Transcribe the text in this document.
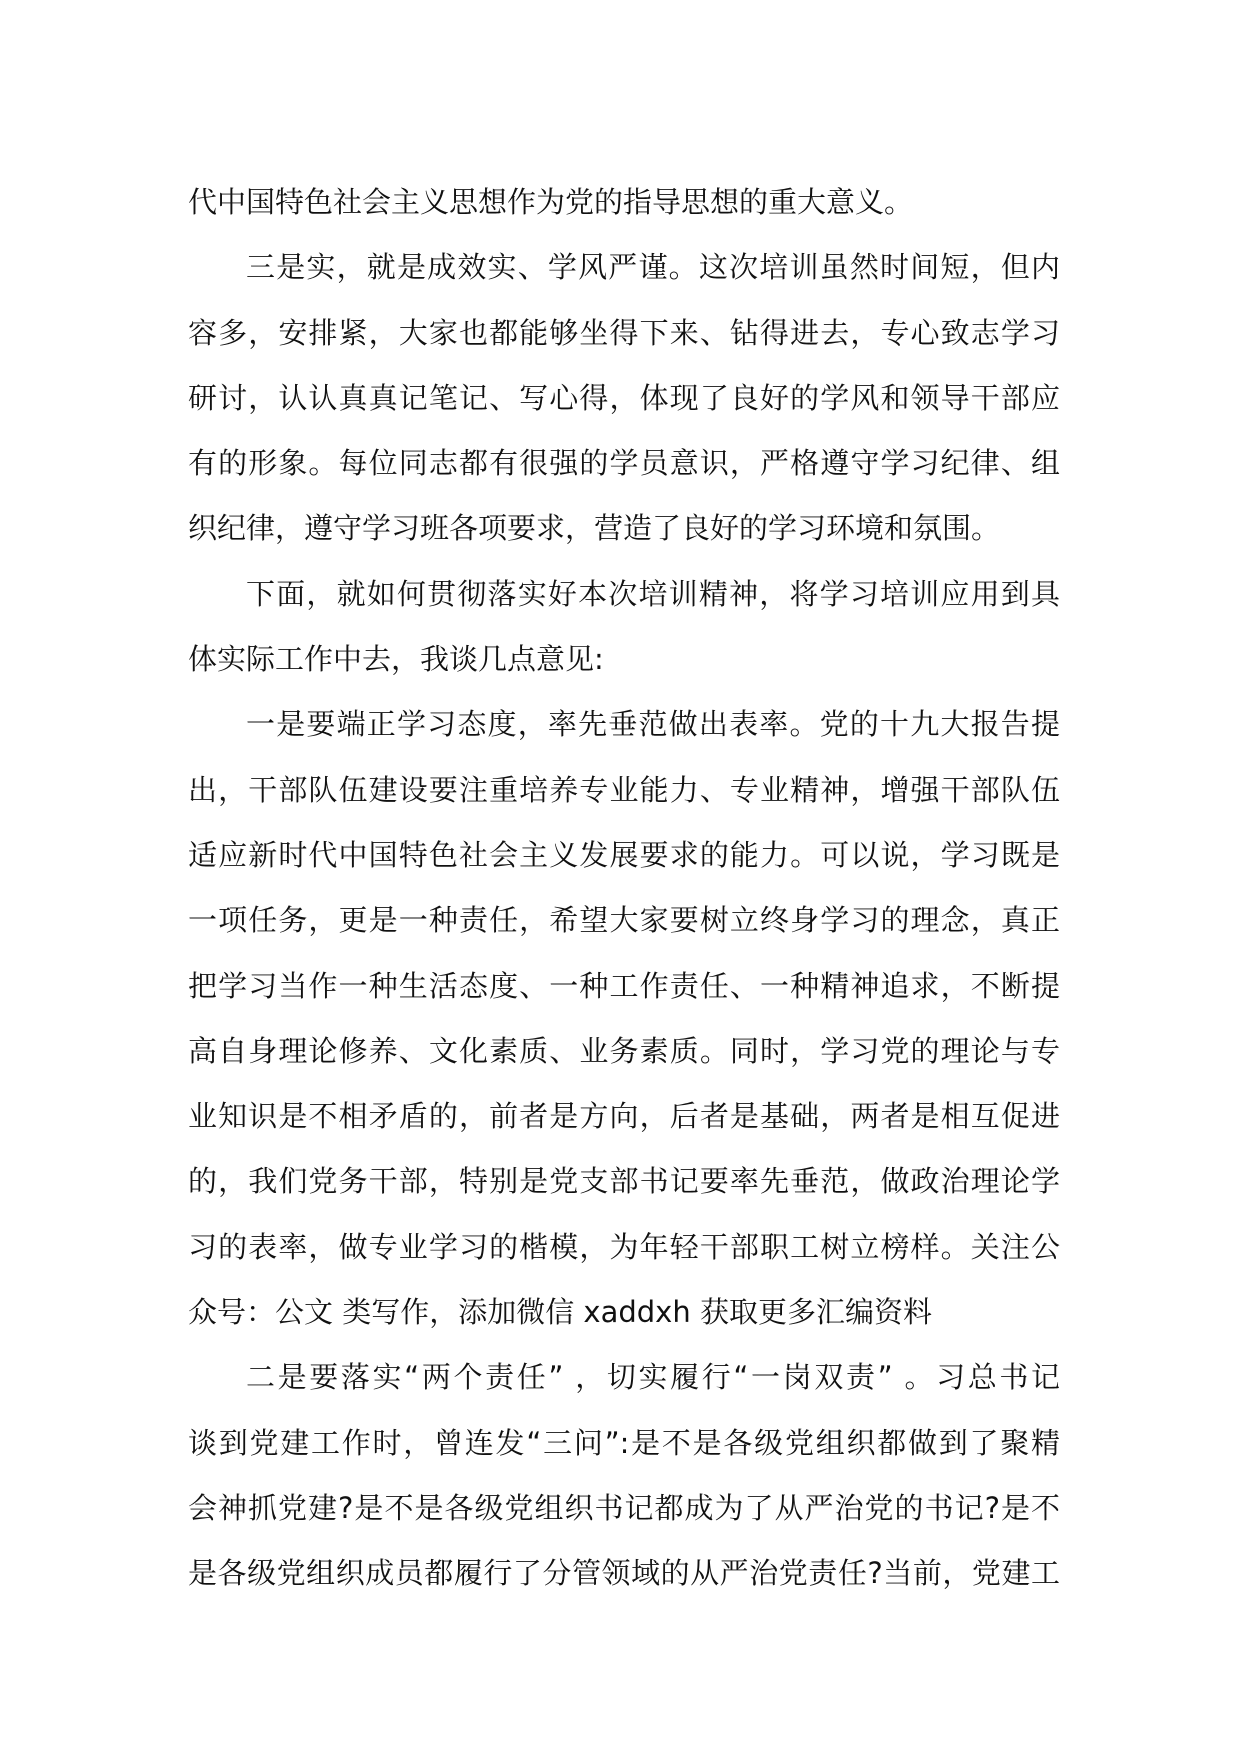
代中国特色社会主义思想作为党的指导思想的重大意义。
三是实，就是成效实、学风严谨。这次培训虽然时间短，但内
容多，安排紧，大家也都能够坐得下来、钻得进去，专心致志学习
研讨，认认真真记笔记、写心得，体现了良好的学风和领导干部应
有的形象。每位同志都有很强的学员意识，严格遵守学习纪律、组
织纪律，遵守学习班各项要求，营造了良好的学习环境和氛围。
下面，就如何贯彻落实好本次培训精神，将学习培训应用到具
体实际工作中去，我谈几点意见:
一是要端正学习态度，率先垂范做出表率。党的十九大报告提
出，干部队伍建设要注重培养专业能力、专业精神，增强干部队伍
适应新时代中国特色社会主义发展要求的能力。可以说，学习既是
一项任务，更是一种责任，希望大家要树立终身学习的理念，真正
把学习当作一种生活态度、一种工作责任、一种精神追求，不断提
高自身理论修养、文化素质、业务素质。同时，学习党的理论与专
业知识是不相矛盾的，前者是方向，后者是基础，两者是相互促进
的，我们党务干部，特别是党支部书记要率先垂范，做政治理论学
习的表率，做专业学习的楷模，为年轻干部职工树立榜样。关注公
众号：公文 类写作，添加微信 xaddxh 获取更多汇编资料
二是要落实“两个责任” ，切实履行“一岗双责” 。习总书记
谈到党建工作时，曾连发“三问”:是不是各级党组织都做到了聚精
会神抓党建?是不是各级党组织书记都成为了从严治党的书记?是不
是各级党组织成员都履行了分管领域的从严治党责任?当前，党建工
